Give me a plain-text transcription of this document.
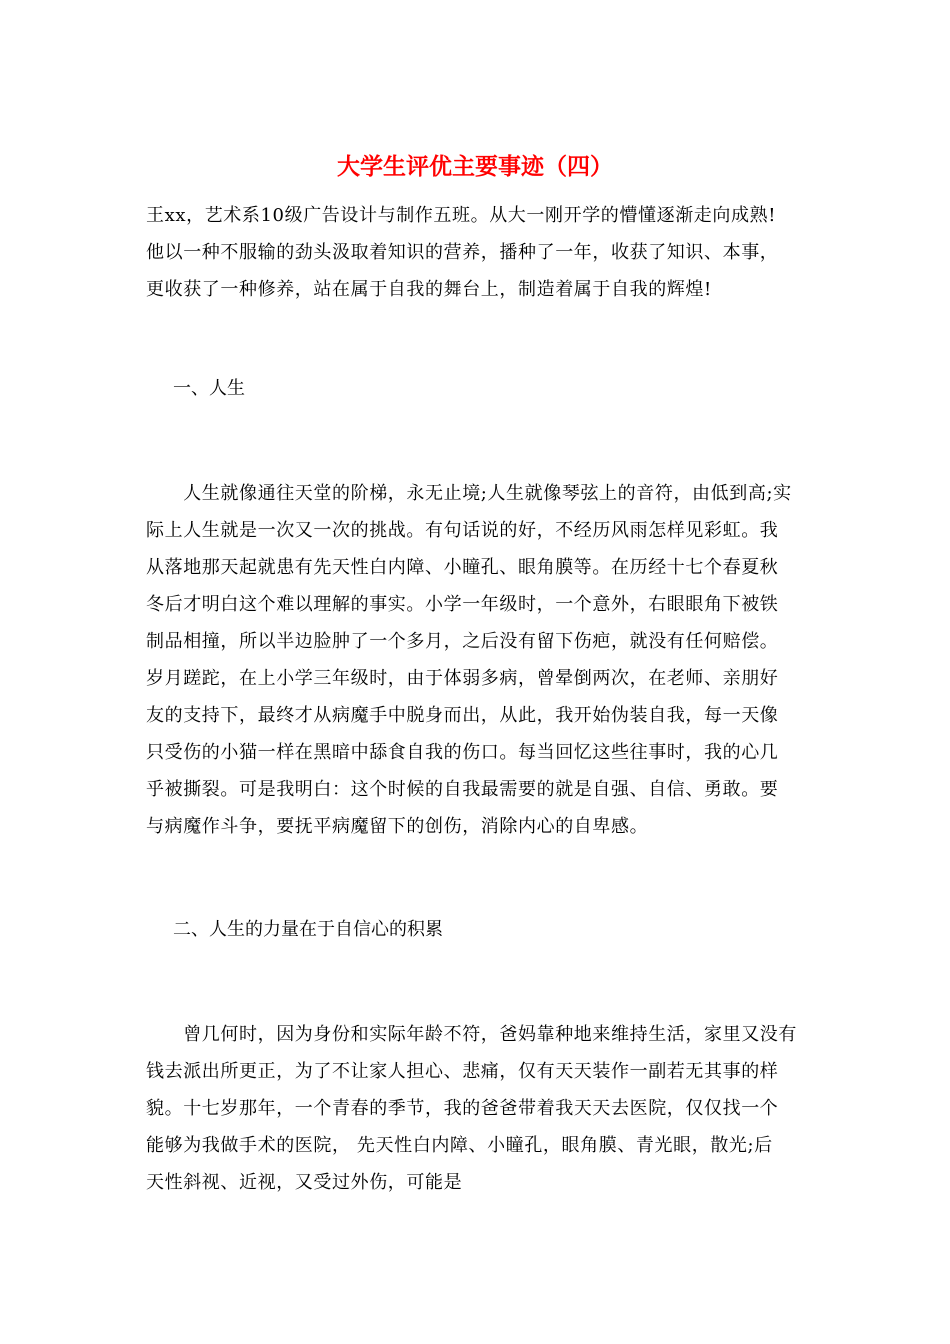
大学生评优主要事迹（四）
王xx，艺术系10级广告设计与制作五班。从大一刚开学的懵懂逐渐走向成熟!
他以一种不服输的劲头汲取着知识的营养，播种了一年，收获了知识、本事，
更收获了一种修养，站在属于自我的舞台上，制造着属于自我的辉煌!
一、人生
　　人生就像通往天堂的阶梯，永无止境;人生就像琴弦上的音符，由低到高;实
际上人生就是一次又一次的挑战。有句话说的好，不经历风雨怎样见彩虹。我
从落地那天起就患有先天性白内障、小瞳孔、眼角膜等。在历经十七个春夏秋
冬后才明白这个难以理解的事实。小学一年级时，一个意外，右眼眼角下被铁
制品相撞，所以半边脸肿了一个多月，之后没有留下伤疤，就没有任何赔偿。
岁月蹉跎，在上小学三年级时，由于体弱多病，曾晕倒两次，在老师、亲朋好
友的支持下，最终才从病魔手中脱身而出，从此，我开始伪装自我，每一天像
只受伤的小猫一样在黑暗中舔食自我的伤口。每当回忆这些往事时，我的心几
乎被撕裂。可是我明白：这个时候的自我最需要的就是自强、自信、勇敢。要
与病魔作斗争，要抚平病魔留下的创伤，消除内心的自卑感。
二、人生的力量在于自信心的积累
　　曾几何时，因为身份和实际年龄不符，爸妈靠种地来维持生活，家里又没有
钱去派出所更正，为了不让家人担心、悲痛，仅有天天装作一副若无其事的样
貌。十七岁那年，一个青春的季节，我的爸爸带着我天天去医院，仅仅找一个
能够为我做手术的医院， 先天性白内障、小瞳孔，眼角膜、青光眼，散光;后
天性斜视、近视，又受过外伤，可能是
